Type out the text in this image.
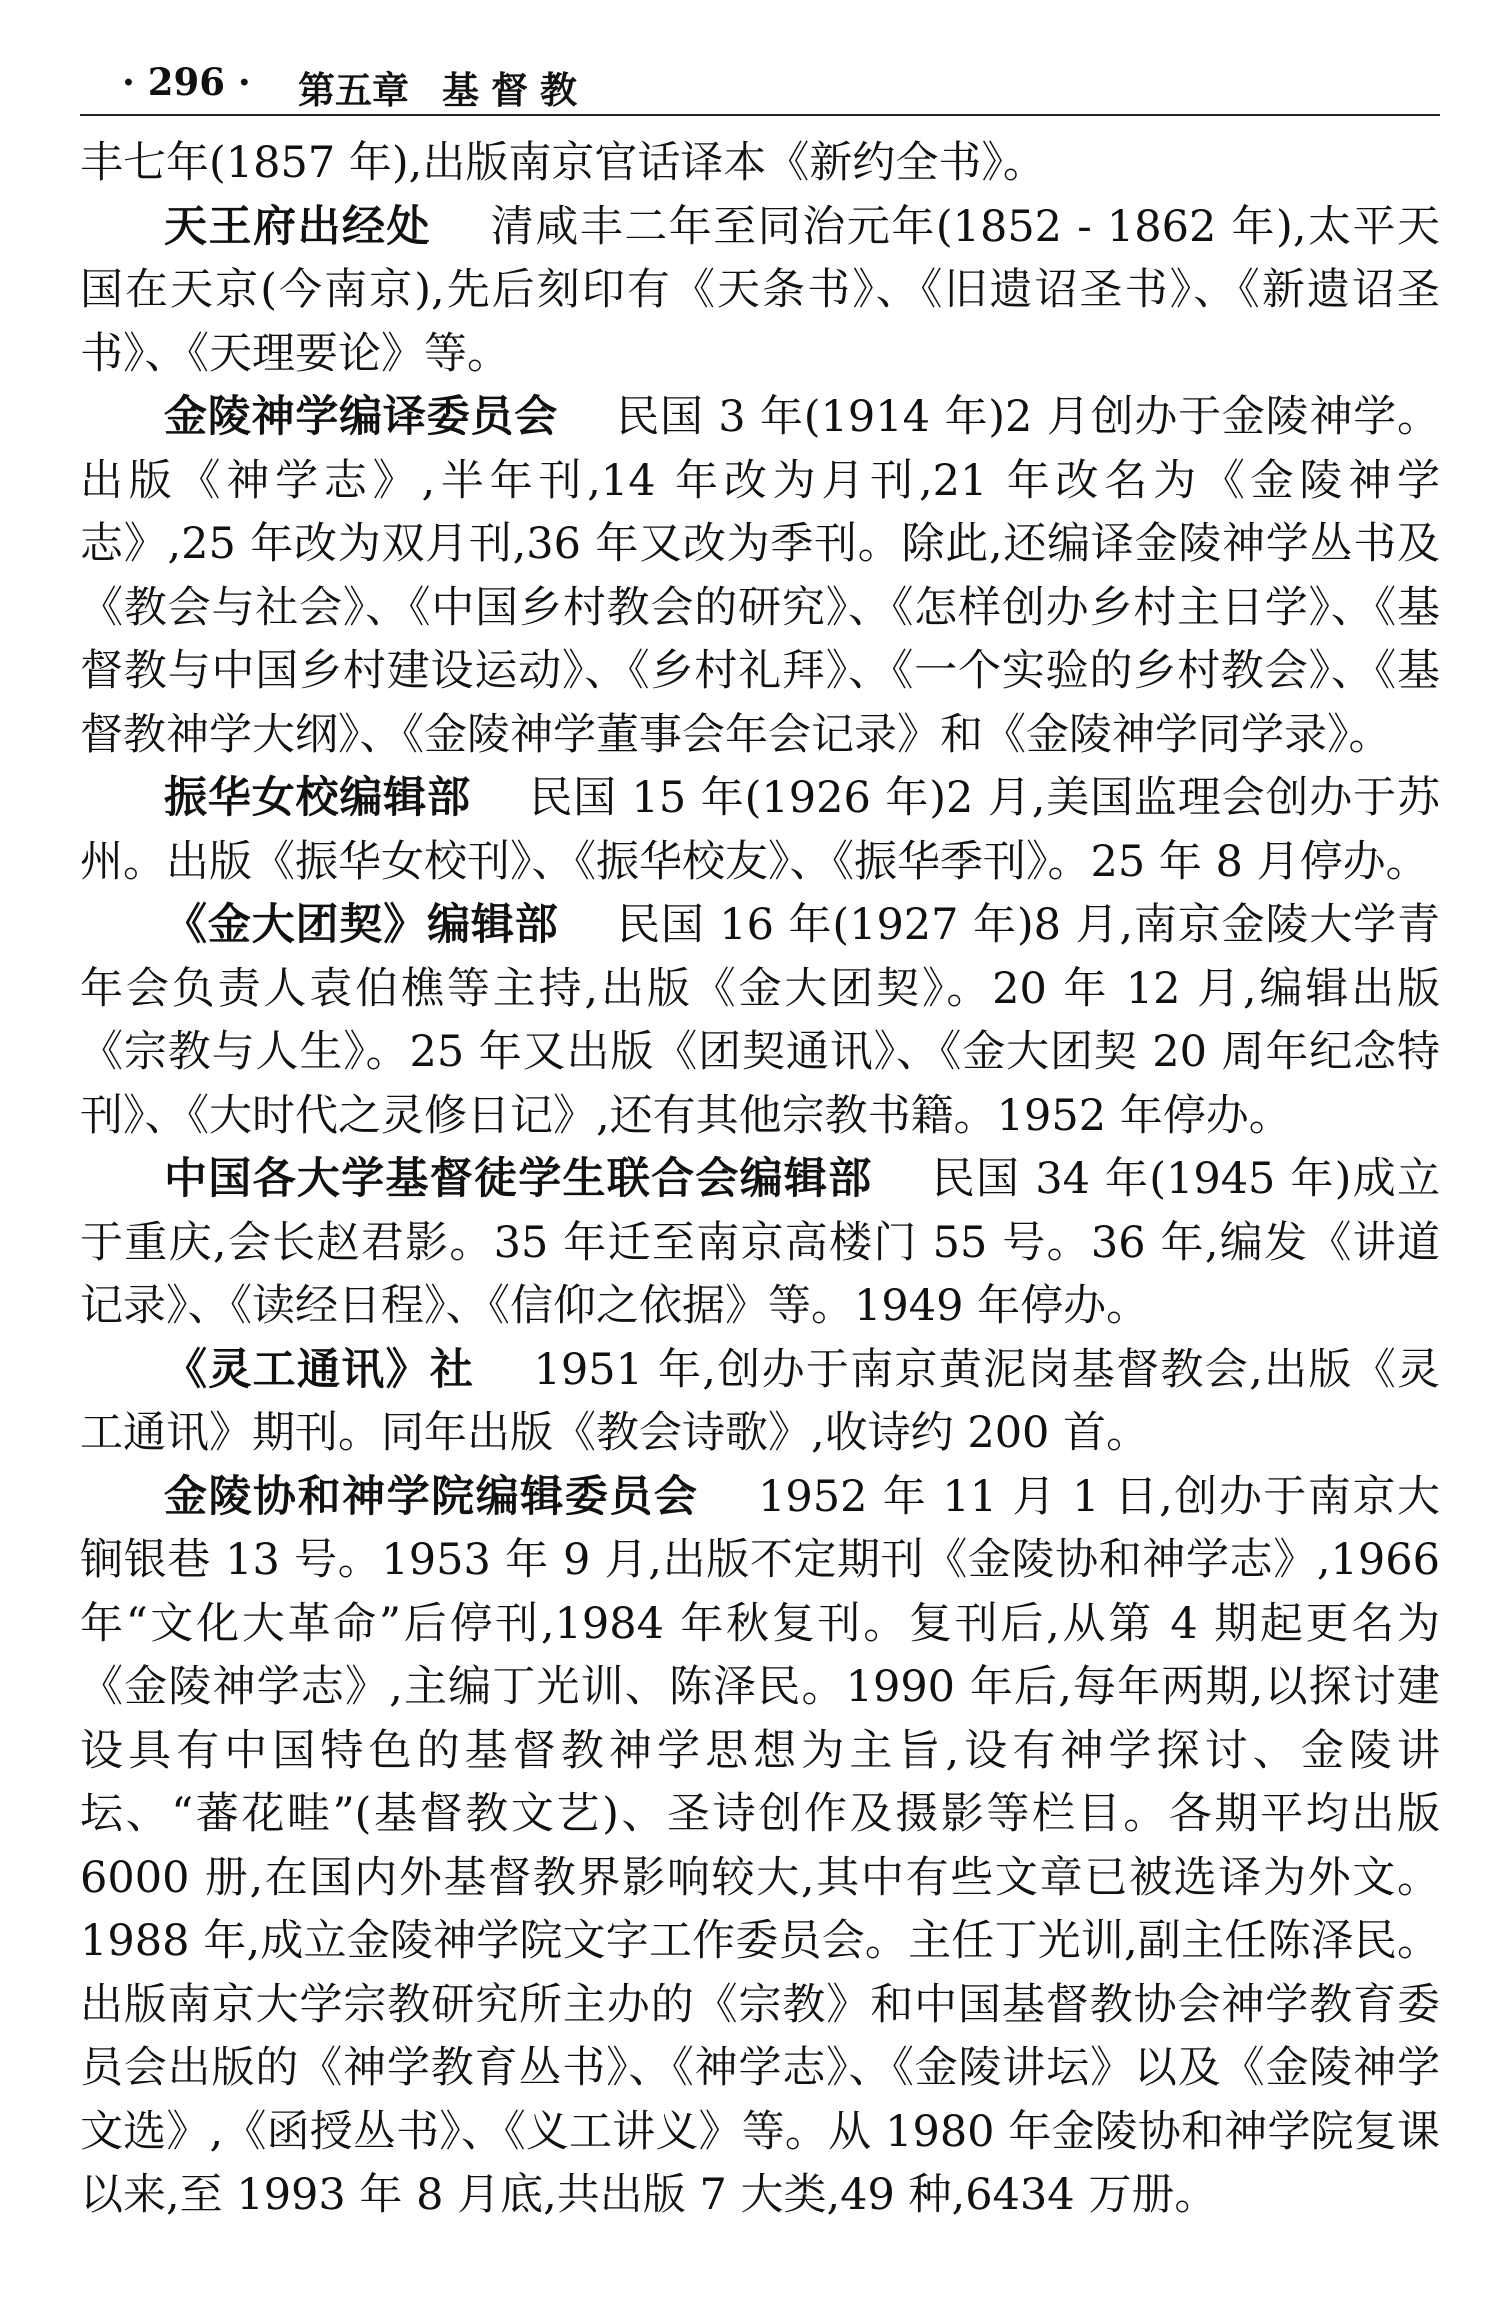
· 296 · 第五章 基督教

丰七年(1857 年),出版南京官话译本《新约全书》。

天王府出经处　 清咸丰二年至同治元年(1852 - 1862 年),太平天国在天京(今南京),先后刻印有《天条书》、《旧遗诏圣书》、《新遗诏圣书》、《天理要论》等。

金陵神学编译委员会　 民国 3 年(1914 年)2 月创办于金陵神学。出版《神学志》,半年刊,14 年改为月刊,21 年改名为《金陵神学志》,25 年改为双月刊,36 年又改为季刊。除此,还编译金陵神学丛书及《教会与社会》、《中国乡村教会的研究》、《怎样创办乡村主日学》、《基督教与中国乡村建设运动》、《乡村礼拜》、《一个实验的乡村教会》、《基督教神学大纲》、《金陵神学董事会年会记录》和《金陵神学同学录》。

振华女校编辑部　 民国 15 年(1926 年)2 月,美国监理会创办于苏州。出版《振华女校刊》、《振华校友》、《振华季刊》。25 年 8 月停办。

《金大团契》编辑部　 民国 16 年(1927 年)8 月,南京金陵大学青年会负责人袁伯樵等主持,出版《金大团契》。20 年 12 月,编辑出版《宗教与人生》。25 年又出版《团契通讯》、《金大团契 20 周年纪念特刊》、《大时代之灵修日记》,还有其他宗教书籍。1952 年停办。

中国各大学基督徒学生联合会编辑部　 民国 34 年(1945 年)成立于重庆,会长赵君影。35 年迁至南京高楼门 55 号。36 年,编发《讲道记录》、《读经日程》、《信仰之依据》等。1949 年停办。

《灵工通讯》社　 1951 年,创办于南京黄泥岗基督教会,出版《灵工通讯》期刊。同年出版《教会诗歌》,收诗约 200 首。

金陵协和神学院编辑委员会　 1952 年 11 月 1 日,创办于南京大锏银巷 13 号。1953 年 9 月,出版不定期刊《金陵协和神学志》,1966 年“文化大革命”后停刊,1984 年秋复刊。复刊后,从第 4 期起更名为《金陵神学志》,主编丁光训、陈泽民。1990 年后,每年两期,以探讨建设具有中国特色的基督教神学思想为主旨,设有神学探讨、金陵讲坛、“蕃花畦”(基督教文艺)、圣诗创作及摄影等栏目。各期平均出版 6000 册,在国内外基督教界影响较大,其中有些文章已被选译为外文。1988 年,成立金陵神学院文字工作委员会。主任丁光训,副主任陈泽民。出版南京大学宗教研究所主办的《宗教》和中国基督教协会神学教育委员会出版的《神学教育丛书》、《神学志》、《金陵讲坛》以及《金陵神学文选》,《函授丛书》、《义工讲义》等。从 1980 年金陵协和神学院复课以来,至 1993 年 8 月底,共出版 7 大类,49 种,6434 万册。
